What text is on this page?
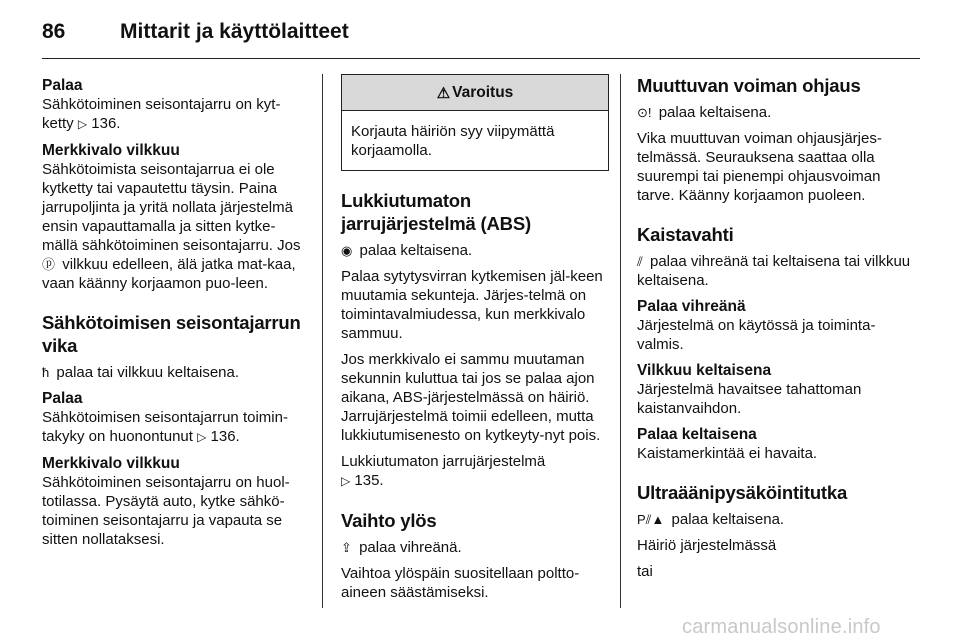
86	Mittarit ja käyttölaitteet
Palaa

Sähkötoiminen seisontajarru on kyt-ketty ▷ 136.

Merkkivalo vilkkuu

Sähkötoimista seisontajarrua ei ole kytketty tai vapautettu täysin. Paina jarrupoljinta ja yritä nollata järjestelmä ensin vapauttamalla ja sitten kytke-mällä sähkötoiminen seisontajarru. Jos ⓟ vilkkuu edelleen, älä jatka mat-kaa, vaan käänny korjaamon puo-leen.

Sähkötoimisen seisontajarrun vika

ħ palaa tai vilkkuu keltaisena.

Palaa

Sähkötoimisen seisontajarrun toimin-takyky on huonontunut ▷ 136.

Merkkivalo vilkkuu

Sähkötoiminen seisontajarru on huol-totilassa. Pysäytä auto, kytke sähkö-toiminen seisontajarru ja vapauta se sitten nollataksesi.

⚠ Varoitus

Korjauta häiriön syy viipymättä korjaamolla.

Lukkiutumaton jarrujärjestelmä (ABS)

◉ palaa keltaisena.

Palaa sytytysvirran kytkemisen jäl-keen muutamia sekunteja. Järjes-telmä on toimintavalmiudessa, kun merkkivalo sammuu.

Jos merkkivalo ei sammu muutaman sekunnin kuluttua tai jos se palaa ajon aikana, ABS-järjestelmässä on häiriö. Jarrujärjestelmä toimii edelleen, mutta lukkiutumisenesto on kytkeyty-nyt pois.

Lukkiutumaton jarrujärjestelmä
▷ 135.

Vaihto ylös

⇪ palaa vihreänä.

Vaihtoa ylöspäin suositellaan poltto-aineen säästämiseksi.

Muuttuvan voiman ohjaus

⊙! palaa keltaisena.

Vika muuttuvan voiman ohjausjärjes-telmässä. Seurauksena saattaa olla suurempi tai pienempi ohjausvoiman tarve. Käänny korjaamon puoleen.

Kaistavahti

⫽ palaa vihreänä tai keltaisena tai vilkkuu keltaisena.

Palaa vihreänä

Järjestelmä on käytössä ja toiminta-valmis.

Vilkkuu keltaisena

Järjestelmä havaitsee tahattoman kaistanvaihdon.

Palaa keltaisena

Kaistamerkintää ei havaita.

Ultraäänipysäköintitutka

P⫽▲ palaa keltaisena.

Häiriö järjestelmässä

tai

carmanualsonline.info
